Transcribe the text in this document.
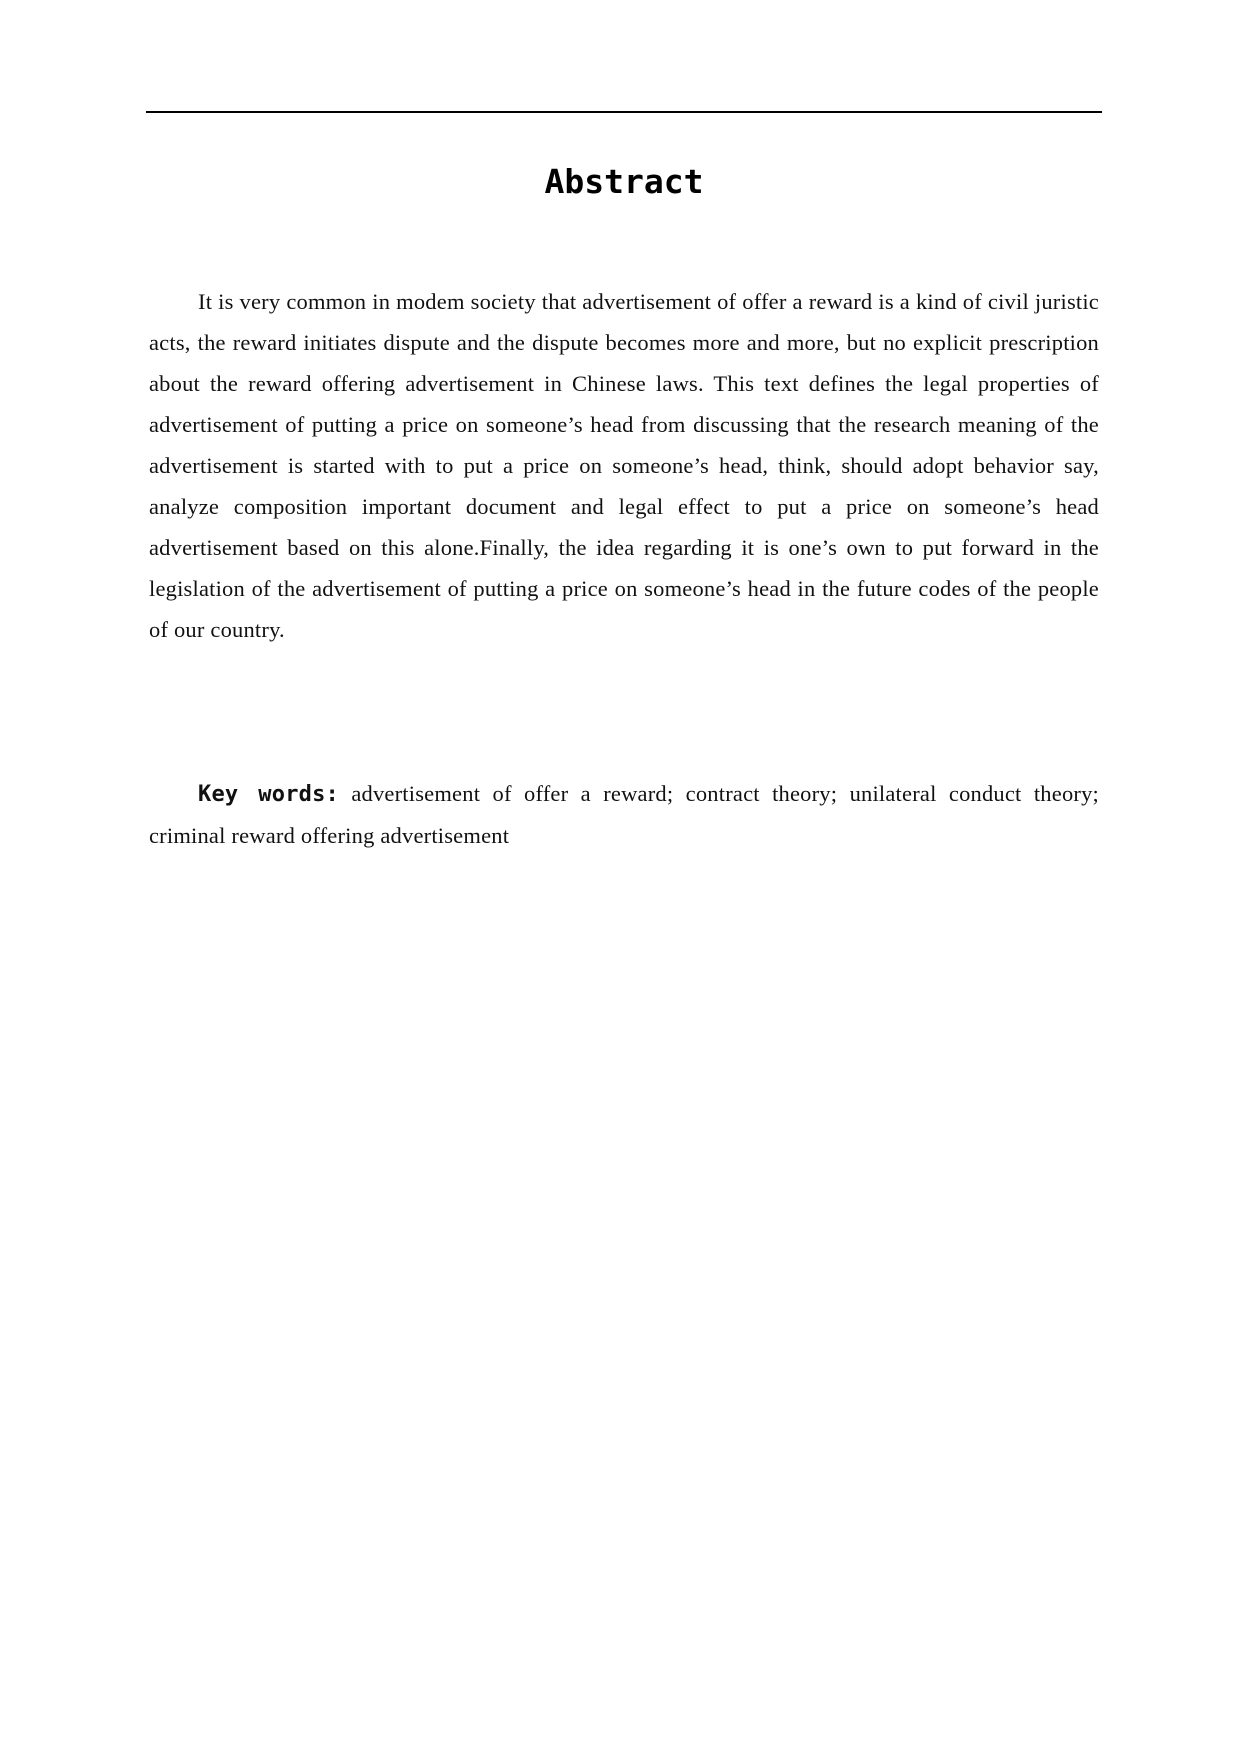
Abstract

It is very common in modem society that advertisement of offer a reward is a kind of civil juristic acts, the reward initiates dispute and the dispute becomes more and more, but no explicit prescription about the reward offering advertisement in Chinese laws. This text defines the legal properties of advertisement of putting a price on someone’s head from discussing that the research meaning of the advertisement is started with to put a price on someone’s head, think, should adopt behavior say, analyze composition important document and legal effect to put a price on someone’s head advertisement based on this alone.Finally, the idea regarding it is one’s own to put forward in the legislation of the advertisement of putting a price on someone’s head in the future codes of the people of our country.

Key words: advertisement of offer a reward; contract theory; unilateral conduct theory; criminal reward offering advertisement
